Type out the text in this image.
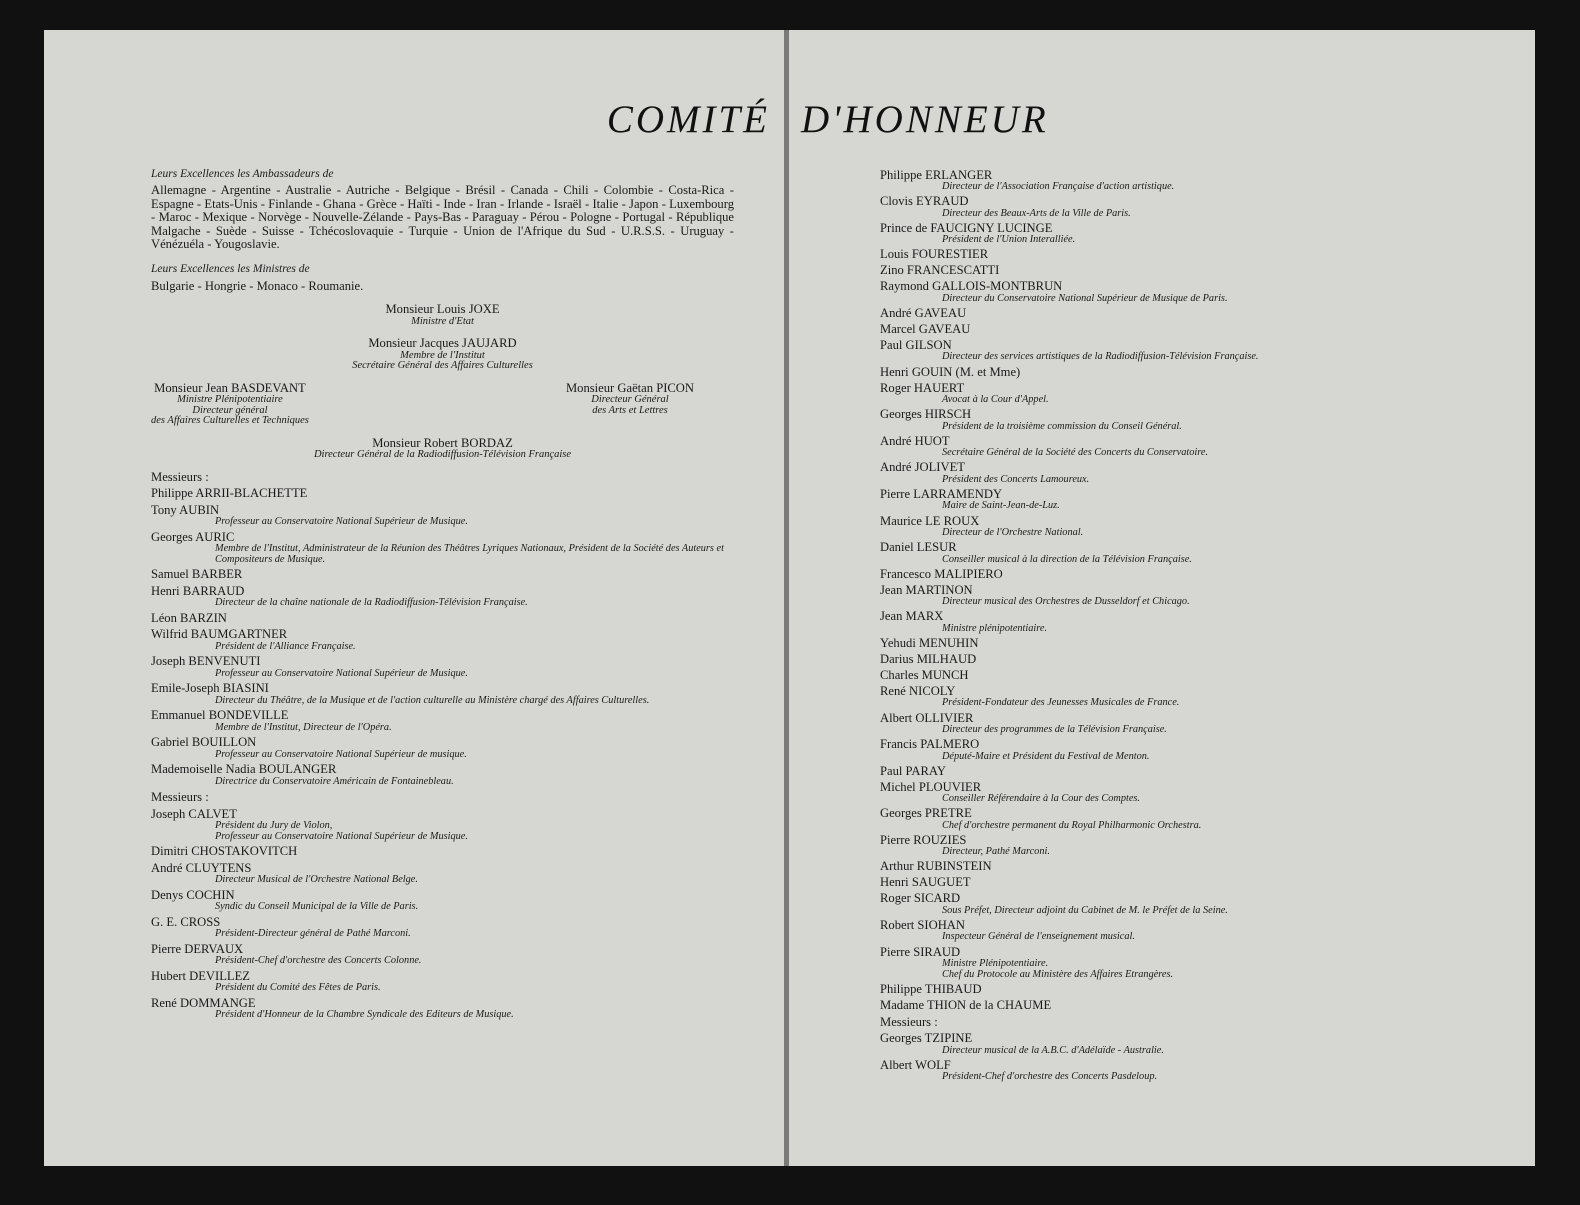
COMITÉ
Leurs Excellences les Ambassadeurs de
Allemagne - Argentine - Australie - Autriche - Belgique - Brésil - Canada - Chili - Colombie - Costa-Rica - Espagne - Etats-Unis - Finlande - Ghana - Grèce - Haïti - Inde - Iran - Irlande - Israël - Italie - Japon - Luxembourg - Maroc - Mexique - Norvège - Nouvelle-Zélande - Pays-Bas - Paraguay - Pérou - Pologne - Portugal - République Malgache - Suède - Suisse - Tchécoslovaquie - Turquie - Union de l'Afrique du Sud - U.R.S.S. - Uruguay - Vénézuéla - Yougoslavie.
Leurs Excellences les Ministres de
Bulgarie - Hongrie - Monaco - Roumanie.
Monsieur Louis JOXE
Ministre d'Etat
Monsieur Jacques JAUJARD
Membre de l'Institut
Secrétaire Général des Affaires Culturelles
Monsieur Jean BASDEVANT
Ministre Plénipotentiaire
Directeur général
des Affaires Culturelles et Techniques
Monsieur Gaëtan PICON
Directeur Général
des Arts et Lettres
Monsieur Robert BORDAZ
Directeur Général de la Radiodiffusion-Télévision Française
Messieurs :
Philippe ARRII-BLACHETTE
Tony AUBIN
Professeur au Conservatoire National Supérieur de Musique.
Georges AURIC
Membre de l'Institut, Administrateur de la Réunion des Théâtres Lyriques Nationaux, Président de la Société des Auteurs et Compositeurs de Musique.
Samuel BARBER
Henri BARRAUD
Directeur de la chaîne nationale de la Radiodiffusion-Télévision Française.
Léon BARZIN
Wilfrid BAUMGARTNER
Président de l'Alliance Française.
Joseph BENVENUTI
Professeur au Conservatoire National Supérieur de Musique.
Emile-Joseph BIASINI
Directeur du Théâtre, de la Musique et de l'action culturelle au Ministère chargé des Affaires Culturelles.
Emmanuel BONDEVILLE
Membre de l'Institut, Directeur de l'Opéra.
Gabriel BOUILLON
Professeur au Conservatoire National Supérieur de musique.
Mademoiselle Nadia BOULANGER
Directrice du Conservatoire Américain de Fontainebleau.
Messieurs :
Joseph CALVET
Président du Jury de Violon,
Professeur au Conservatoire National Supérieur de Musique.
Dimitri CHOSTAKOVITCH
André CLUYTENS
Directeur Musical de l'Orchestre National Belge.
Denys COCHIN
Syndic du Conseil Municipal de la Ville de Paris.
G. E. CROSS
Président-Directeur général de Pathé Marconi.
Pierre DERVAUX
Président-Chef d'orchestre des Concerts Colonne.
Hubert DEVILLEZ
Président du Comité des Fêtes de Paris.
René DOMMANGE
Président d'Honneur de la Chambre Syndicale des Editeurs de Musique.
D'HONNEUR
Philippe ERLANGER
Directeur de l'Association Française d'action artistique.
Clovis EYRAUD
Directeur des Beaux-Arts de la Ville de Paris.
Prince de FAUCIGNY LUCINGE
Président de l'Union Interalliée.
Louis FOURESTIER
Zino FRANCESCATTI
Raymond GALLOIS-MONTBRUN
Directeur du Conservatoire National Supérieur de Musique de Paris.
André GAVEAU
Marcel GAVEAU
Paul GILSON
Directeur des services artistiques de la Radiodiffusion-Télévision Française.
Henri GOUIN (M. et Mme)
Roger HAUERT
Avocat à la Cour d'Appel.
Georges HIRSCH
Président de la troisième commission du Conseil Général.
André HUOT
Secrétaire Général de la Société des Concerts du Conservatoire.
André JOLIVET
Président des Concerts Lamoureux.
Pierre LARRAMENDY
Maire de Saint-Jean-de-Luz.
Maurice LE ROUX
Directeur de l'Orchestre National.
Daniel LESUR
Conseiller musical à la direction de la Télévision Française.
Francesco MALIPIERO
Jean MARTINON
Directeur musical des Orchestres de Dusseldorf et Chicago.
Jean MARX
Ministre plénipotentiaire.
Yehudi MENUHIN
Darius MILHAUD
Charles MUNCH
René NICOLY
Président-Fondateur des Jeunesses Musicales de France.
Albert OLLIVIER
Directeur des programmes de la Télévision Française.
Francis PALMERO
Député-Maire et Président du Festival de Menton.
Paul PARAY
Michel PLOUVIER
Conseiller Référendaire à la Cour des Comptes.
Georges PRETRE
Chef d'orchestre permanent du Royal Philharmonic Orchestra.
Pierre ROUZIES
Directeur, Pathé Marconi.
Arthur RUBINSTEIN
Henri SAUGUET
Roger SICARD
Sous Préfet, Directeur adjoint du Cabinet de M. le Préfet de la Seine.
Robert SIOHAN
Inspecteur Général de l'enseignement musical.
Pierre SIRAUD
Ministre Plénipotentiaire.
Chef du Protocole au Ministère des Affaires Etrangères.
Philippe THIBAUD
Madame THION de la CHAUME
Messieurs :
Georges TZIPINE
Directeur musical de la A.B.C. d'Adélaïde - Australie.
Albert WOLF
Président-Chef d'orchestre des Concerts Pasdeloup.
